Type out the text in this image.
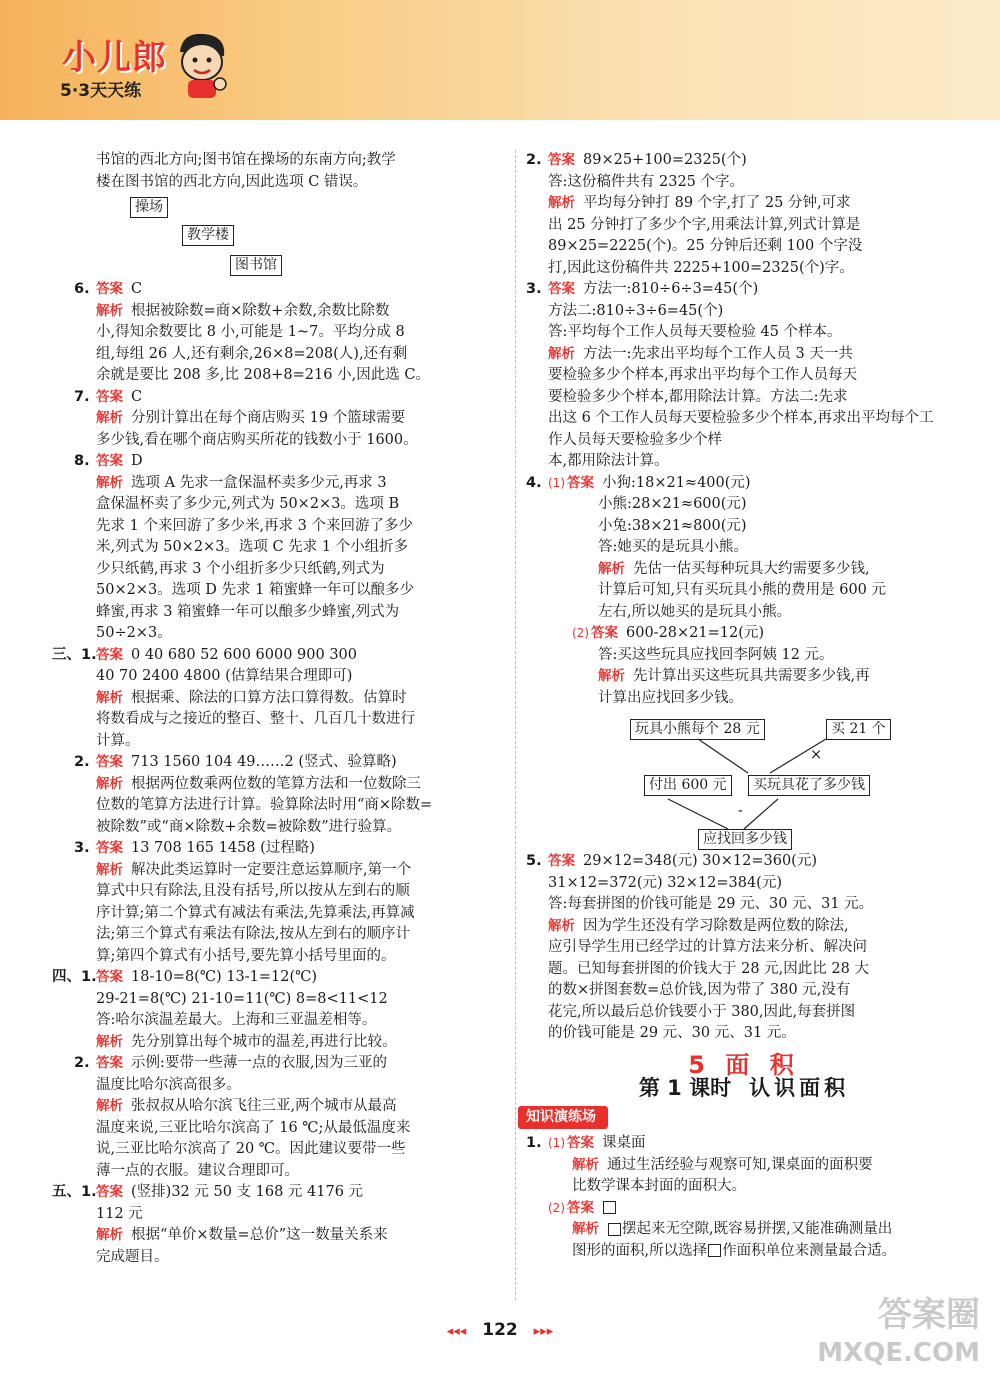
小儿郎
5·3天天练

书馆的西北方向;图书馆在操场的东南方向;教学

楼在图书馆的西北方向,因此选项 C 错误。

操场
教学楼
图书馆
6. 答案 C

解析 根据被除数=商×除数+余数,余数比除数

小,得知余数要比 8 小,可能是 1~7。平均分成 8

组,每组 26 人,还有剩余,26×8=208(人),还有剩

余就是要比 208 多,比 208+8=216 小,因此选 C。

7. 答案 C

解析 分别计算出在每个商店购买 19 个篮球需要

多少钱,看在哪个商店购买所花的钱数小于 1600。

8. 答案 D

解析 选项 A 先求一盒保温杯卖多少元,再求 3

盒保温杯卖了多少元,列式为 50×2×3。选项 B

先求 1 个来回游了多少米,再求 3 个来回游了多少

米,列式为 50×2×3。选项 C 先求 1 个小组折多

少只纸鹤,再求 3 个小组折多少只纸鹤,列式为

50×2×3。选项 D 先求 1 箱蜜蜂一年可以酿多少

蜂蜜,再求 3 箱蜜蜂一年可以酿多少蜂蜜,列式为

50÷2×3。

三、1. 答案 0 40 680 52 600 6000 900 300

40 70 2400 4800 (估算结果合理即可)

解析 根据乘、除法的口算方法口算得数。估算时

将数看成与之接近的整百、整十、几百几十数进行

计算。

2. 答案 713 1560 104 49……2 (竖式、验算略)

解析 根据两位数乘两位数的笔算方法和一位数除三

位数的笔算方法进行计算。验算除法时用“商×除数=

被除数”或“商×除数+余数=被除数”进行验算。

3. 答案 13 708 165 1458 (过程略)

解析 解决此类运算时一定要注意运算顺序,第一个

算式中只有除法,且没有括号,所以按从左到右的顺

序计算;第二个算式有减法有乘法,先算乘法,再算减

法;第三个算式有乘法有除法,按从左到右的顺序计

算;第四个算式有小括号,要先算小括号里面的。

四、1. 答案 18-10=8(℃) 13-1=12(℃)

29-21=8(℃) 21-10=11(℃) 8=8<11<12

答:哈尔滨温差最大。上海和三亚温差相等。

解析 先分别算出每个城市的温差,再进行比较。

2. 答案 示例:要带一些薄一点的衣服,因为三亚的

温度比哈尔滨高很多。

解析 张叔叔从哈尔滨飞往三亚,两个城市从最高

温度来说,三亚比哈尔滨高了 16 ℃;从最低温度来

说,三亚比哈尔滨高了 20 ℃。因此建议要带一些

薄一点的衣服。建议合理即可。

五、1. 答案 (竖排)32 元 50 支 168 元 4176 元

112 元

解析 根据“单价×数量=总价”这一数量关系来

完成题目。

2. 答案 89×25+100=2325(个)

答:这份稿件共有 2325 个字。

解析 平均每分钟打 89 个字,打了 25 分钟,可求

出 25 分钟打了多少个字,用乘法计算,列式计算是

89×25=2225(个)。25 分钟后还剩 100 个字没

打,因此这份稿件共 2225+100=2325(个)字。

3. 答案 方法一:810÷6÷3=45(个)

方法二:810÷3÷6=45(个)

答:平均每个工作人员每天要检验 45 个样本。

解析 方法一:先求出平均每个工作人员 3 天一共

要检验多少个样本,再求出平均每个工作人员每天

要检验多少个样本,都用除法计算。方法二:先求

出这 6 个工作人员每天要检验多少个样本,再求出平均每个工作人员每天要检验多少个样

本,都用除法计算。

4. (1) 答案 小狗:18×21≈400(元)

小熊:28×21≈600(元)

小兔:38×21≈800(元)

答:她买的是玩具小熊。

解析 先估一估买每种玩具大约需要多少钱,

计算后可知,只有买玩具小熊的费用是 600 元

左右,所以她买的是玩具小熊。

(2) 答案 600-28×21=12(元)

答:买这些玩具应找回李阿姨 12 元。

解析 先计算出买这些玩具共需要多少钱,再

计算出应找回多少钱。

玩具小熊每个 28 元	买 21 个
×
付出 600 元	买玩具花了多少钱
-
应找回多少钱
5. 答案 29×12=348(元) 30×12=360(元)

31×12=372(元) 32×12=384(元)

答:每套拼图的价钱可能是 29 元、30 元、31 元。

解析 因为学生还没有学习除数是两位数的除法,

应引导学生用已经学过的计算方法来分析、解决问

题。已知每套拼图的价钱大于 28 元,因此比 28 大

的数×拼图套数=总价钱,因为带了 380 元,没有

花完,所以最后总价钱要小于 380,因此,每套拼图

的价钱可能是 29 元、30 元、31 元。

5 面 积
第 1 课时 认识面积
知识演练场
1. (1) 答案 课桌面

解析 通过生活经验与观察可知,课桌面的面积要

比数学课本封面的面积大。

(2) 答案

解析 摆起来无空隙,既容易拼摆,又能准确测量出

图形的面积,所以选择 作面积单位来测量最合适。

◂◂◂ 122 ▸▸▸	答案圈
MXQE.COM
